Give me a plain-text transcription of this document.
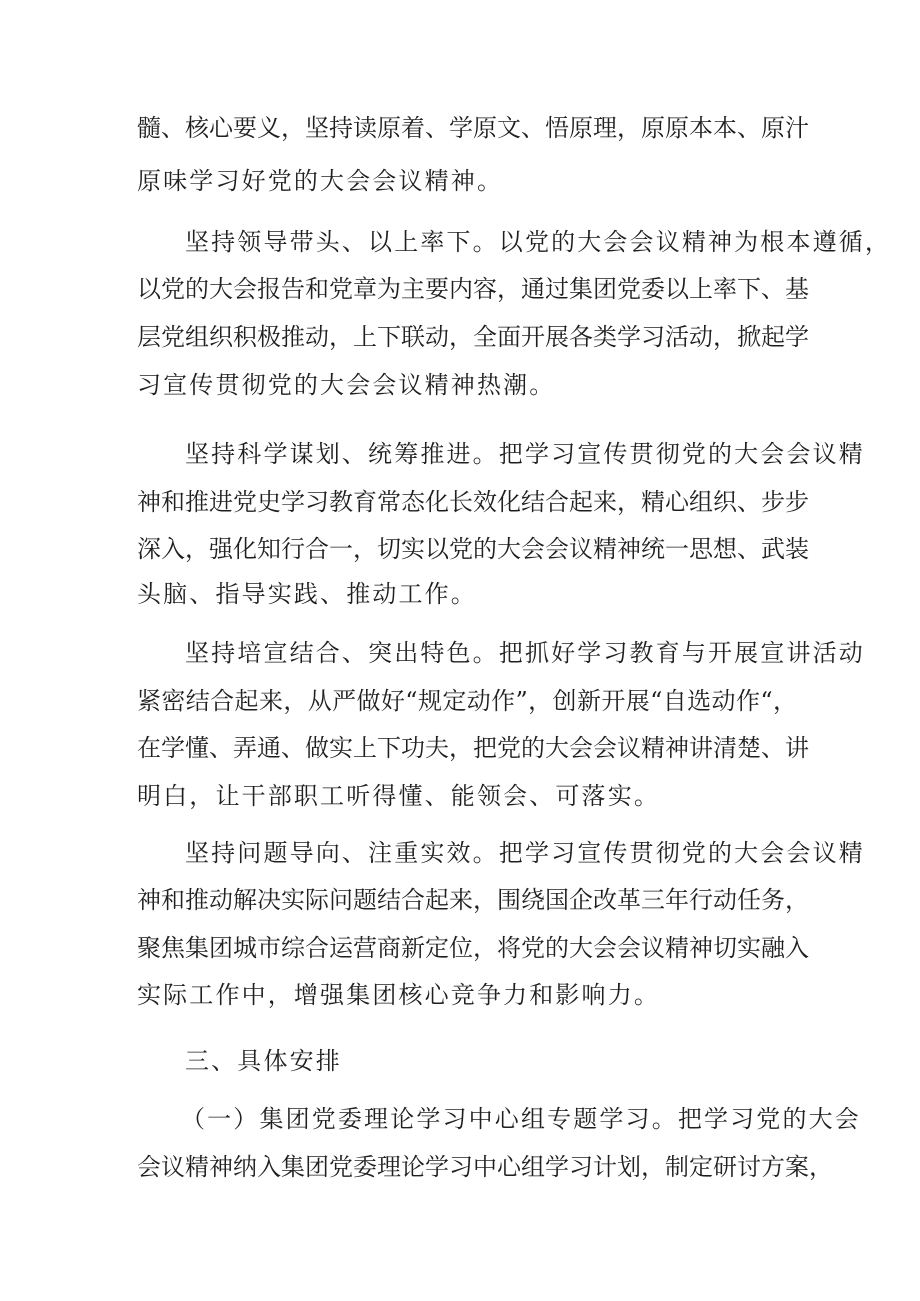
髓、核心要义，坚持读原着、学原文、悟原理，原原本本、原汁
原味学习好党的大会会议精神。
坚持领导带头、以上率下。以党的大会会议精神为根本遵循，
以党的大会报告和党章为主要内容，通过集团党委以上率下、基
层党组织积极推动，上下联动，全面开展各类学习活动，掀起学
习宣传贯彻党的大会会议精神热潮。
坚持科学谋划、统筹推进。把学习宣传贯彻党的大会会议精
神和推进党史学习教育常态化长效化结合起来，精心组织、步步
深入，强化知行合一，切实以党的大会会议精神统一思想、武装
头脑、指导实践、推动工作。
坚持培宣结合、突出特色。把抓好学习教育与开展宣讲活动
紧密结合起来，从严做好“规定动作”，创新开展“自选动作“，
在学懂、弄通、做实上下功夫，把党的大会会议精神讲清楚、讲
明白，让干部职工听得懂、能领会、可落实。
坚持问题导向、注重实效。把学习宣传贯彻党的大会会议精
神和推动解决实际问题结合起来，围绕国企改革三年行动任务，
聚焦集团城市综合运营商新定位，将党的大会会议精神切实融入
实际工作中，增强集团核心竞争力和影响力。
三、具体安排
（一）集团党委理论学习中心组专题学习。把学习党的大会
会议精神纳入集团党委理论学习中心组学习计划，制定研讨方案，
